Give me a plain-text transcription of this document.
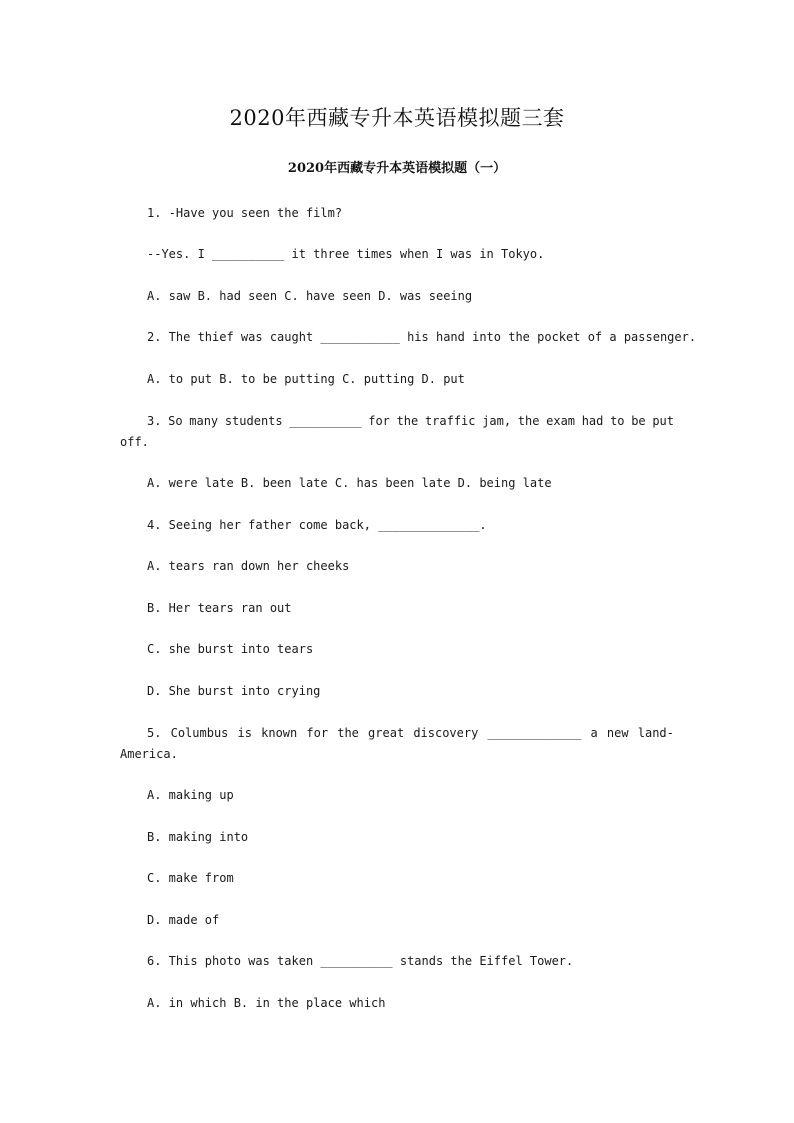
2020年西藏专升本英语模拟题三套
2020年西藏专升本英语模拟题（一）
1. -Have you seen the film?
--Yes. I __________ it three times when I was in Tokyo.
A. saw B. had seen C. have seen D. was seeing
2. The thief was caught ___________ his hand into the pocket of a passenger.
A. to put B. to be putting C. putting D. put
3. So many students __________ for the traffic jam, the exam had to be put
off.
A. were late B. been late C. has been late D. being late
4. Seeing her father come back, ______________.
A. tears ran down her cheeks
B. Her tears ran out
C. she burst into tears
D. She burst into crying
5. Columbus is known for the great discovery _____________ a new land-
America.
A. making up
B. making into
C. make from
D. made of
6. This photo was taken __________ stands the Eiffel Tower.
A. in which B. in the place which
